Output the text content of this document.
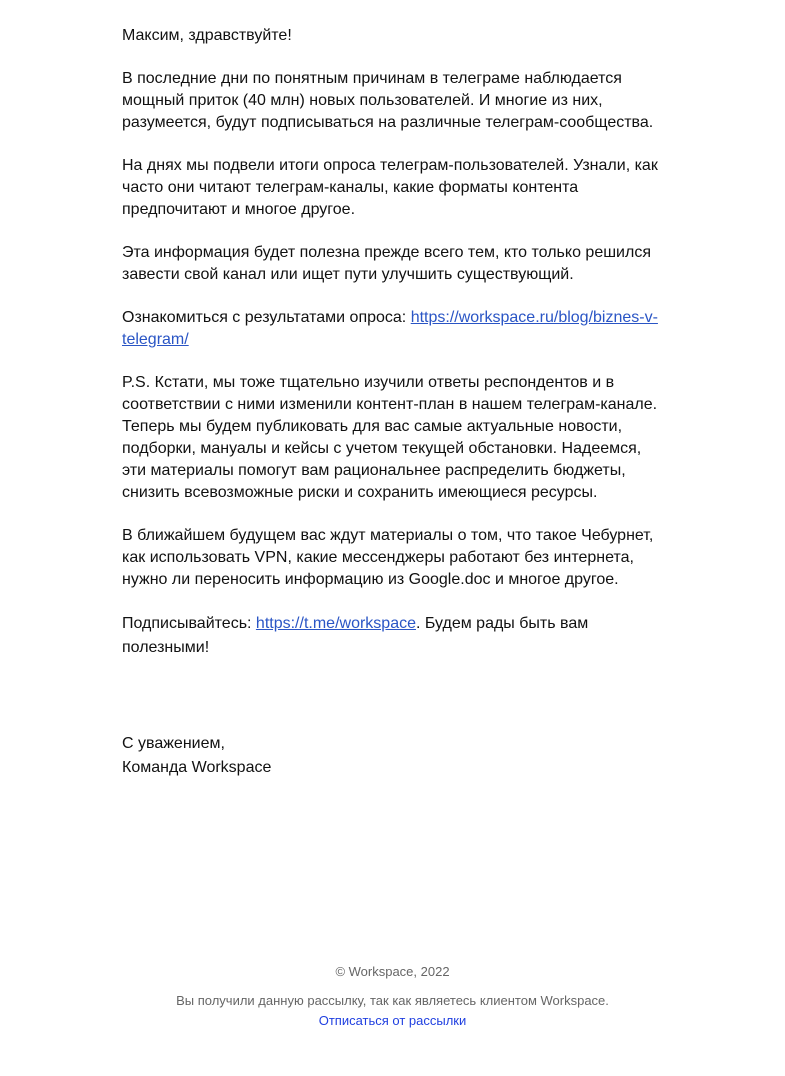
Максим, здравствуйте!

В последние дни по понятным причинам в телеграме наблюдается мощный приток (40 млн) новых пользователей. И многие из них, разумеется, будут подписываться на различные телеграм-сообщества.

На днях мы подвели итоги опроса телеграм-пользователей. Узнали, как часто они читают телеграм-каналы, какие форматы контента предпочитают и многое другое.

Эта информация будет полезна прежде всего тем, кто только решился завести свой канал или ищет пути улучшить существующий.

Ознакомиться с результатами опроса: https://workspace.ru/blog/biznes-v-telegram/

P.S. Кстати, мы тоже тщательно изучили ответы респондентов и в соответствии с ними изменили контент-план в нашем телеграм-канале. Теперь мы будем публиковать для вас самые актуальные новости, подборки, мануалы и кейсы с учетом текущей обстановки. Надеемся, эти материалы помогут вам рациональнее распределить бюджеты, снизить всевозможные риски и сохранить имеющиеся ресурсы.

В ближайшем будущем вас ждут материалы о том, что такое Чебурнет, как использовать VPN, какие мессенджеры работают без интернета, нужно ли переносить информацию из Google.doc и многое другое.

Подписывайтесь: https://t.me/workspace. Будем рады быть вам полезными!

С уважением,
Команда Workspace
© Workspace, 2022
Вы получили данную рассылку, так как являетесь клиентом Workspace.
Отписаться от рассылки
